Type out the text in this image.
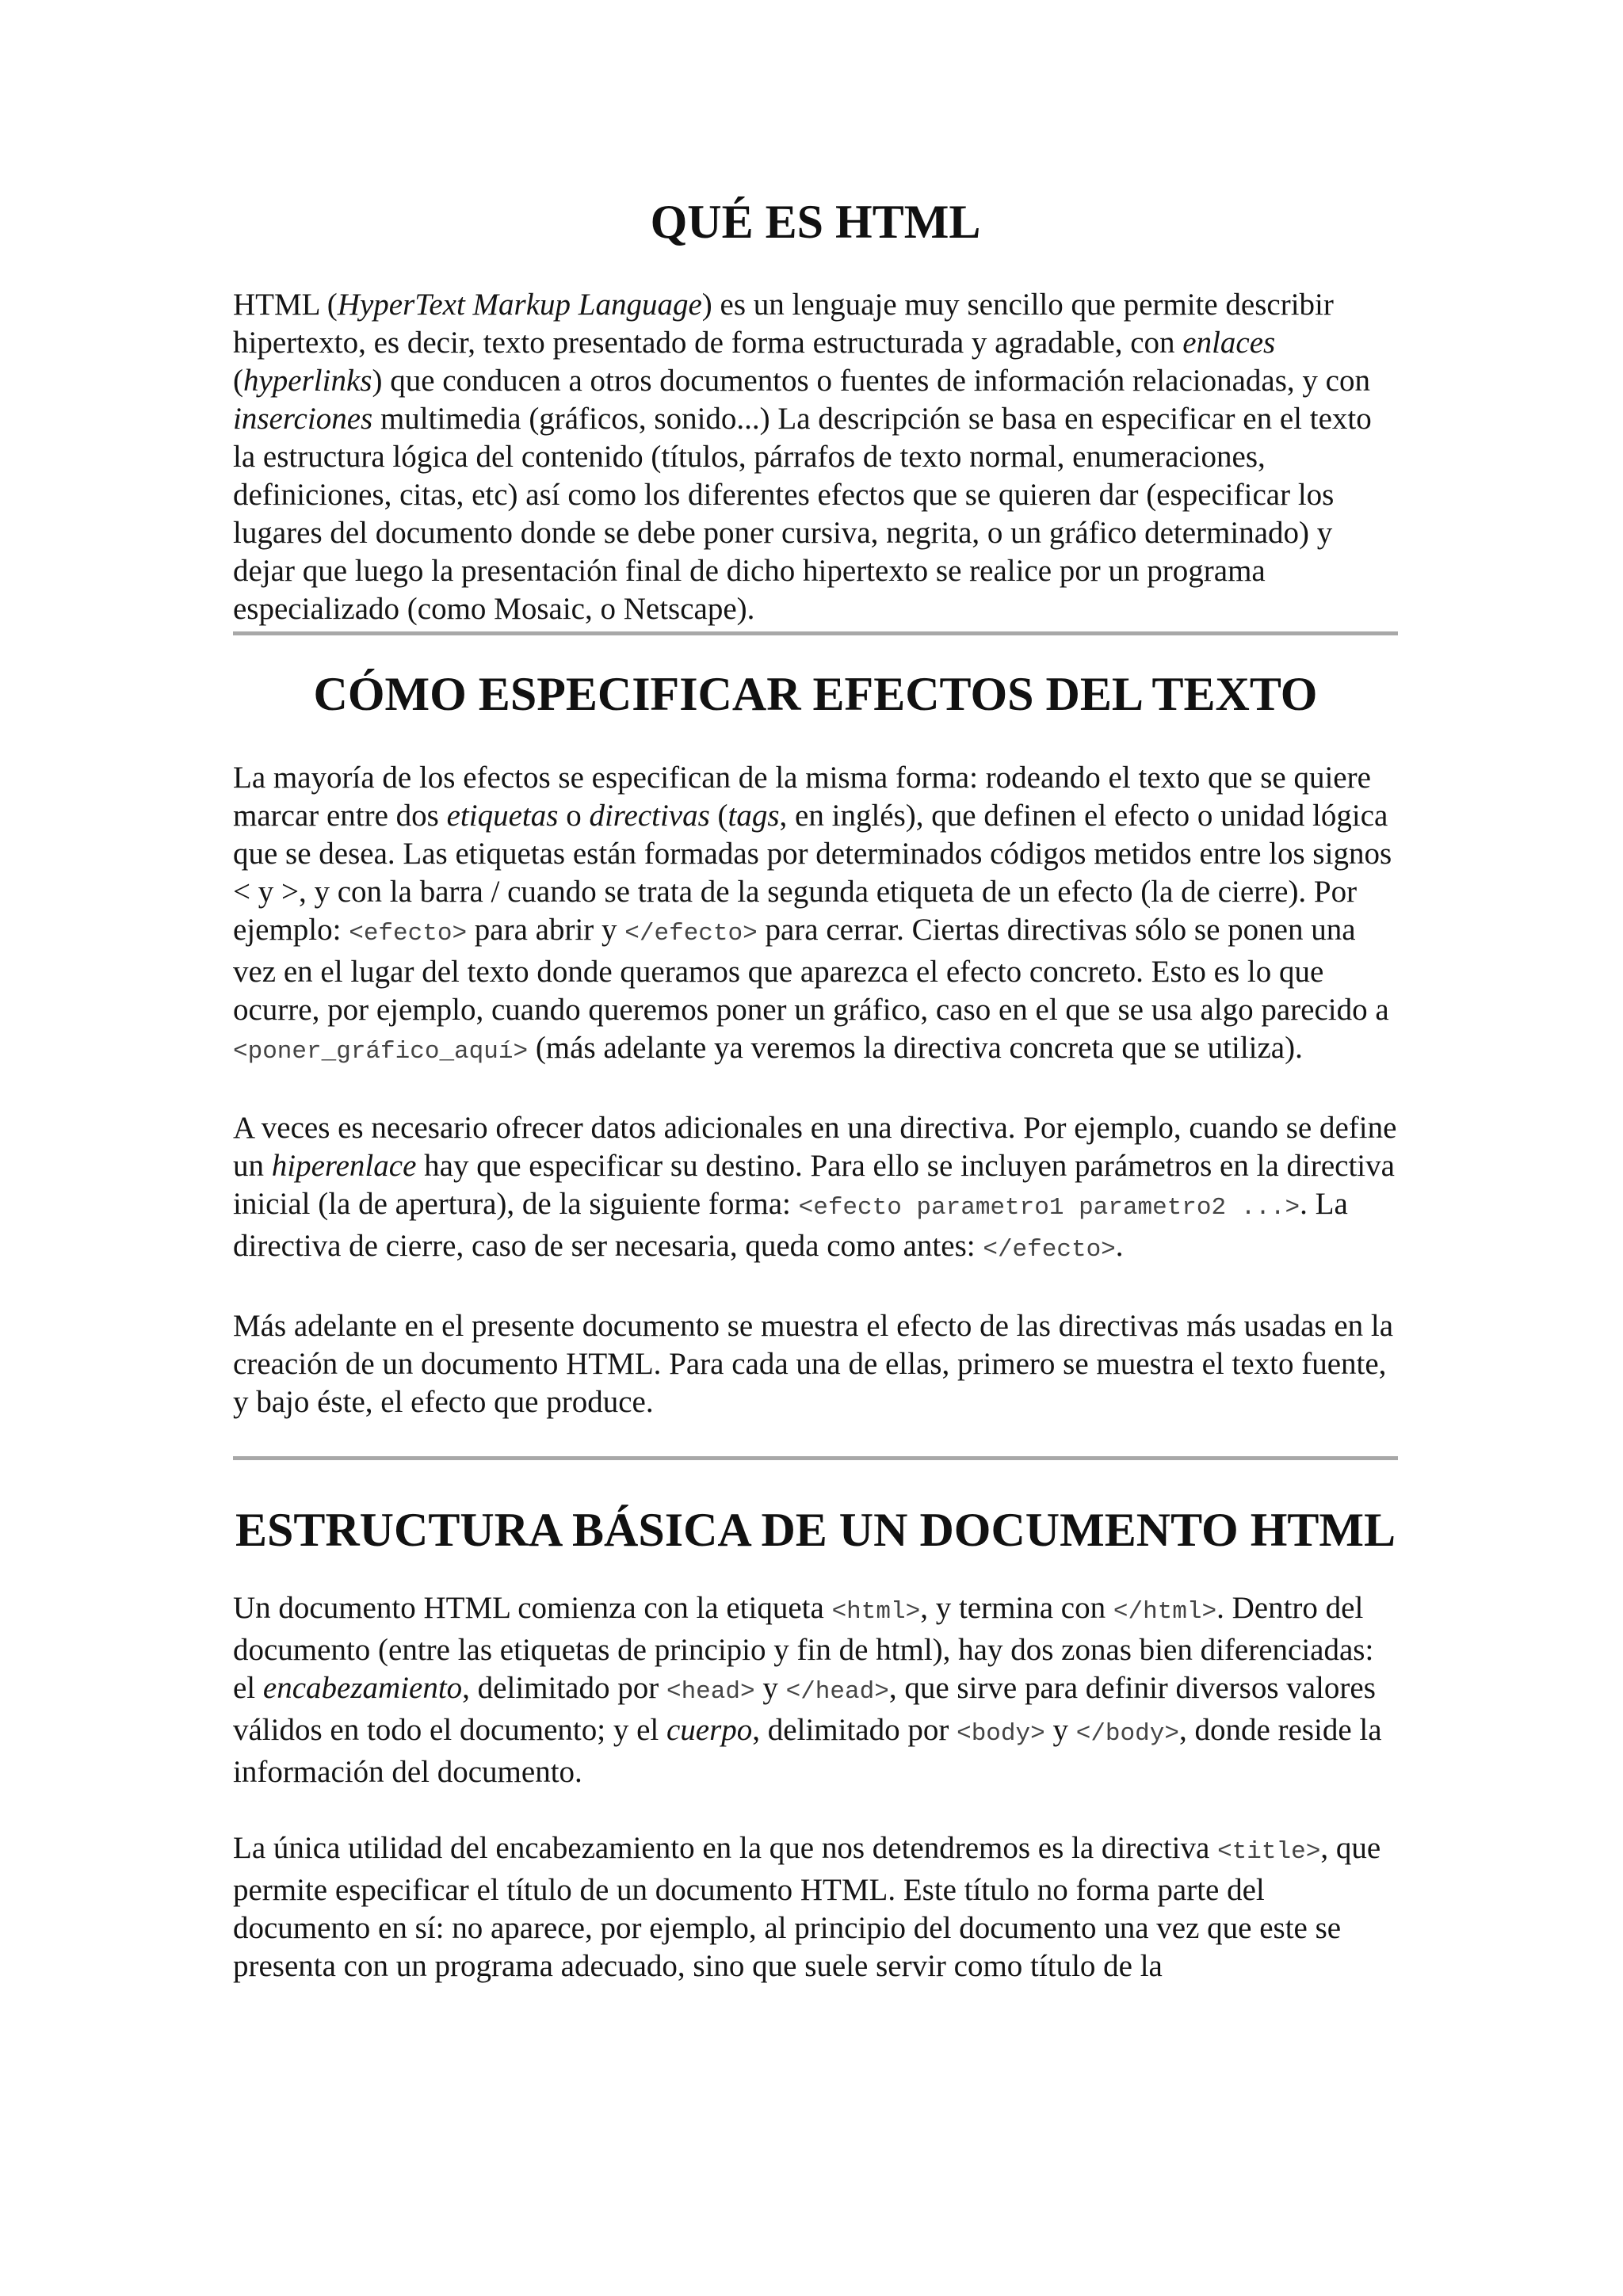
QUÉ ES HTML

HTML (HyperText Markup Language) es un lenguaje muy sencillo que permite describir hipertexto, es decir, texto presentado de forma estructurada y agradable, con enlaces (hyperlinks) que conducen a otros documentos o fuentes de información relacionadas, y con inserciones multimedia (gráficos, sonido...) La descripción se basa en especificar en el texto la estructura lógica del contenido (títulos, párrafos de texto normal, enumeraciones, definiciones, citas, etc) así como los diferentes efectos que se quieren dar (especificar los lugares del documento donde se debe poner cursiva, negrita, o un gráfico determinado) y dejar que luego la presentación final de dicho hipertexto se realice por un programa especializado (como Mosaic, o Netscape).

CÓMO ESPECIFICAR EFECTOS DEL TEXTO

La mayoría de los efectos se especifican de la misma forma: rodeando el texto que se quiere marcar entre dos etiquetas o directivas (tags, en inglés), que definen el efecto o unidad lógica que se desea. Las etiquetas están formadas por determinados códigos metidos entre los signos < y >, y con la barra / cuando se trata de la segunda etiqueta de un efecto (la de cierre). Por ejemplo: <efecto> para abrir y </efecto> para cerrar. Ciertas directivas sólo se ponen una vez en el lugar del texto donde queramos que aparezca el efecto concreto. Esto es lo que ocurre, por ejemplo, cuando queremos poner un gráfico, caso en el que se usa algo parecido a <poner_gráfico_aquí> (más adelante ya veremos la directiva concreta que se utiliza).

A veces es necesario ofrecer datos adicionales en una directiva. Por ejemplo, cuando se define un hiperenlace hay que especificar su destino. Para ello se incluyen parámetros en la directiva inicial (la de apertura), de la siguiente forma: <efecto parametro1 parametro2 ...>. La directiva de cierre, caso de ser necesaria, queda como antes: </efecto>.

Más adelante en el presente documento se muestra el efecto de las directivas más usadas en la creación de un documento HTML. Para cada una de ellas, primero se muestra el texto fuente, y bajo éste, el efecto que produce.

ESTRUCTURA BÁSICA DE UN DOCUMENTO HTML

Un documento HTML comienza con la etiqueta <html>, y termina con </html>. Dentro del documento (entre las etiquetas de principio y fin de html), hay dos zonas bien diferenciadas: el encabezamiento, delimitado por <head> y </head>, que sirve para definir diversos valores válidos en todo el documento; y el cuerpo, delimitado por <body> y </body>, donde reside la información del documento.

La única utilidad del encabezamiento en la que nos detendremos es la directiva <title>, que permite especificar el título de un documento HTML. Este título no forma parte del documento en sí: no aparece, por ejemplo, al principio del documento una vez que este se presenta con un programa adecuado, sino que suele servir como título de la
